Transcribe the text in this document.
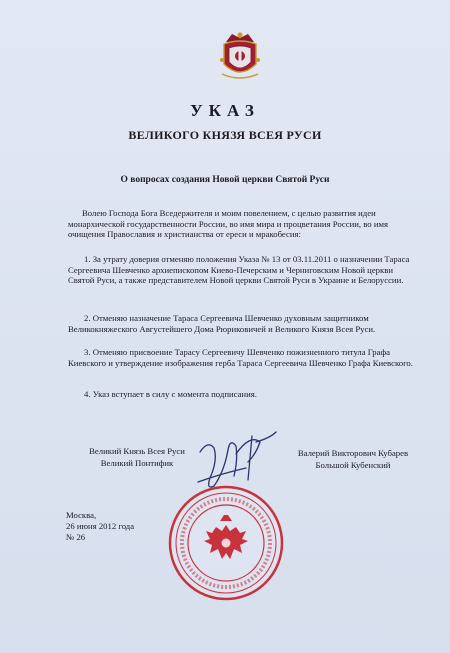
УКАЗ
ВЕЛИКОГО КНЯЗЯ ВСЕЯ РУСИ
О вопросах создания Новой церкви Святой Руси

Волею Господа Бога Вседержителя и моим повелением, с целью развития идеи монархической государственности России, во имя мира и процветания России, во имя очищения Православия и христианства от ереси и мракобесия:

1. За утрату доверия отменяю положения Указа № 13 от 03.11.2011 о назначении Тараса Сергеевича Шевченко архиепископом Киево-Печерским и Черниговским Новой церкви Святой Руси, а также представителем Новой церкви Святой Руси в Украине и Белоруссии.

2. Отменяю назначение Тараса Сергеевича Шевченко духовным защитником Великокняжеского Августейшего Дома Рюриковичей и Великого Князя Всея Руси.

3. Отменяю присвоение Тарасу Сергеевичу Шевченко пожизненного титула Графа Киевского и утверждение изображения герба Тараса Сергеевича Шевченко Графа Киевского.

4. Указ вступает в силу с момента подписания.

Великий Князь Всея Руси
Великий Понтифик
Валерий Викторович Кубарев
Большой Кубенский
Москва,
26 июня 2012 года
№ 26
